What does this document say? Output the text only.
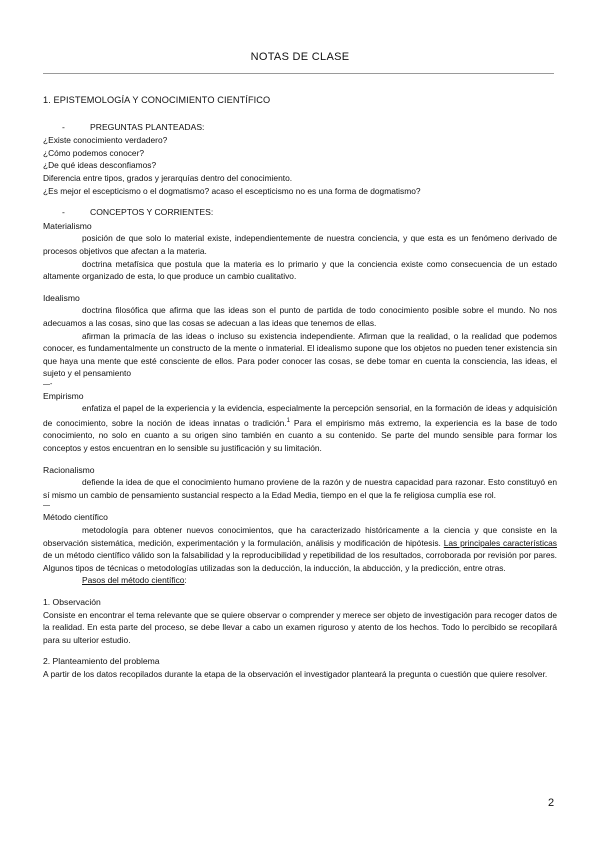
NOTAS DE CLASE

1. EPISTEMOLOGÍA Y CONOCIMIENTO CIENTÍFICO

-	PREGUNTAS PLANTEADAS:

¿Existe conocimiento verdadero?

¿Cómo podemos conocer?

¿De qué ideas desconfiamos?

Diferencia entre tipos, grados y jerarquías dentro del conocimiento.

¿Es mejor el escepticismo o el dogmatismo? acaso el escepticismo no es una forma de dogmatismo?

-	CONCEPTOS Y CORRIENTES:

Materialismo

posición de que solo lo material existe, independientemente de nuestra conciencia, y que esta es un fenómeno derivado de procesos objetivos que afectan a la materia.

doctrina metafísica que postula que la materia es lo primario y que la conciencia existe como consecuencia de un estado altamente organizado de esta, lo que produce un cambio cualitativo.

Idealismo

doctrina filosófica que afirma que las ideas son el punto de partida de todo conocimiento posible sobre el mundo. No nos adecuamos a las cosas, sino que las cosas se adecuan a las ideas que tenemos de ellas.

afirman la primacía de las ideas o incluso su existencia independiente. Afirman que la realidad, o la realidad que podemos conocer, es fundamentalmente un constructo de la mente o inmaterial. El idealismo supone que los objetos no pueden tener existencia sin que haya una mente que esté consciente de ellos. Para poder conocer las cosas, se debe tomar en cuenta la consciencia, las ideas, el sujeto y el pensamiento

—-

Empirismo

enfatiza el papel de la experiencia y la evidencia, especialmente la percepción sensorial, en la formación de ideas y adquisición de conocimiento, sobre la noción de ideas innatas o tradición.$^1$ Para el empirismo más extremo, la experiencia es la base de todo conocimiento, no solo en cuanto a su origen sino también en cuanto a su contenido. Se parte del mundo sensible para formar los conceptos y estos encuentran en lo sensible su justificación y su limitación.

Racionalismo

defiende la idea de que el conocimiento humano proviene de la razón y de nuestra capacidad para razonar. Esto constituyó en sí mismo un cambio de pensamiento sustancial respecto a la Edad Media, tiempo en el que la fe religiosa cumplía ese rol.

—

Método científico

metodología para obtener nuevos conocimientos, que ha caracterizado históricamente a la ciencia y que consiste en la observación sistemática, medición, experimentación y la formulación, análisis y modificación de hipótesis. Las principales características de un método científico válido son la falsabilidad y la reproducibilidad y repetibilidad de los resultados, corroborada por revisión por pares. Algunos tipos de técnicas o metodologías utilizadas son la deducción, la inducción, la abducción, y la predicción, entre otras.

Pasos del método científico:

1. Observación

Consiste en encontrar el tema relevante que se quiere observar o comprender y merece ser objeto de investigación para recoger datos de la realidad. En esta parte del proceso, se debe llevar a cabo un examen riguroso y atento de los hechos. Todo lo percibido se recopilará para su ulterior estudio.

2. Planteamiento del problema

A partir de los datos recopilados durante la etapa de la observación el investigador planteará la pregunta o cuestión que quiere resolver.

2
